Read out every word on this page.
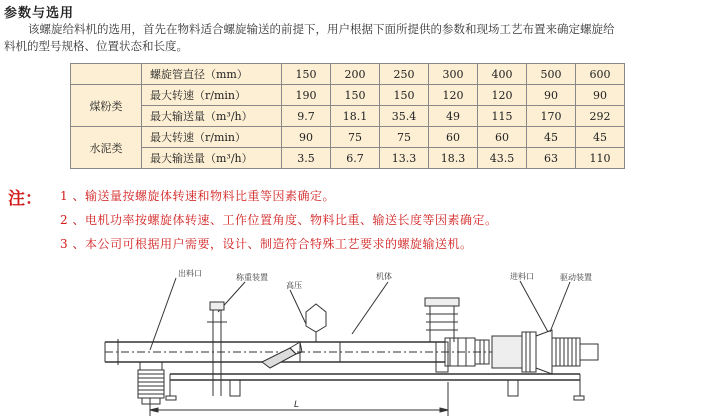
参数与选用
该螺旋给料机的选用，首先在物料适合螺旋输送的前提下，用户根据下面所提供的参数和现场工艺布置来确定螺旋给
料机的型号规格、位置状态和长度。
	螺旋管直径（mm）	150	200	250	300	400	500	600
煤粉类	最大转速（r/min）	190	150	150	120	120	90	90
	最大输送量（m³/h）	9.7	18.1	35.4	49	115	170	292
水泥类	最大转速（r/min）	90	75	75	60	60	45	45
	最大输送量（m³/h）	3.5	6.7	13.3	18.3	43.5	63	110
注： 1 、输送量按螺旋体转速和物料比重等因素确定。
2 、电机功率按螺旋体转速、工作位置角度、物料比重、输送长度等因素确定。
3 、本公司可根据用户需要，设计、制造符合特殊工艺要求的螺旋输送机。
出料口	称重装置
高压
机体	进料口	驱动装置
L
